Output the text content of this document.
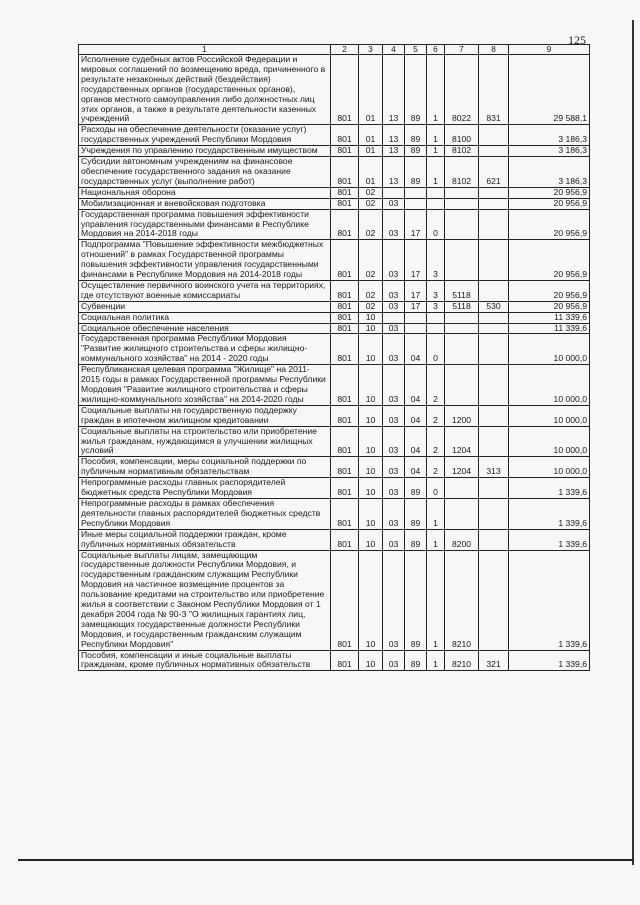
125
1	2	3	4	5	6	7	8	9
Исполнение судебных актов Российской Федерации и мировых соглашений по возмещению вреда, причиненного в результате незаконных действий (бездействия) государственных органов (государственных органов), органов местного самоуправления либо должностных лиц этих органов, а также в результате деятельности казенных учреждений	801	01	13	89	1	8022	831	29 588,1
Расходы на обеспечение деятельности (оказание услуг) государственных учреждений Республики Мордовия	801	01	13	89	1	8100		3 186,3
Учреждения по управлению государственным имуществом	801	01	13	89	1	8102		3 186,3
Субсидии автономным учреждениям на финансовое обеспечение государственного задания на оказание государственных услуг (выполнение работ)	801	01	13	89	1	8102	621	3 186,3
Национальная оборона	801	02						20 956,9
Мобилизационная и вневойсковая подготовка	801	02	03					20 956,9
Государственная программа повышения эффективности управления государственными финансами в Республике Мордовия на 2014-2018 годы	801	02	03	17	0			20 956,9
Подпрограмма "Повышение эффективности межбюджетных отношений" в рамках Государственной программы повышения эффективности управления государственными финансами в Республике Мордовия на 2014-2018 годы	801	02	03	17	3			20 956,9
Осуществление первичного воинского учета на территориях, где отсутствуют военные комиссариаты	801	02	03	17	3	5118		20 956,9
Субвенции	801	02	03	17	3	5118	530	20 956,9
Социальная политика	801	10						11 339,6
Социальное обеспечение населения	801	10	03					11 339,6
Государственная программа Республики Мордовия "Развитие жилищного строительства и сферы жилищно-коммунального хозяйства" на 2014 - 2020 годы	801	10	03	04	0			10 000,0
Республиканская целевая программа "Жилище" на 2011-2015 годы в рамках Государственной программы Республики Мордовия "Развитие жилищного строительства и сферы жилищно-коммунального хозяйства" на 2014-2020 годы	801	10	03	04	2			10 000,0
Социальные выплаты на государственную поддержку граждан в ипотечном жилищном кредитовании	801	10	03	04	2	1200		10 000,0
Социальные выплаты на строительство или приобретение жилья гражданам, нуждающимся в улучшении жилищных условий	801	10	03	04	2	1204		10 000,0
Пособия, компенсации, меры социальной поддержки по публичным нормативным обязательствам	801	10	03	04	2	1204	313	10 000,0
Непрограммные расходы главных распорядителей бюджетных средств Республики Мордовия	801	10	03	89	0			1 339,6
Непрограммные расходы в рамках обеспечения деятельности главных распорядителей бюджетных средств Республики Мордовия	801	10	03	89	1			1 339,6
Иные меры социальной поддержки граждан, кроме публичных нормативных обязательств	801	10	03	89	1	8200		1 339,6
Социальные выплаты лицам, замещающим государственные должности Республики Мордовия, и государственным гражданским служащим Республики Мордовия на частичное возмещение процентов за пользование кредитами на строительство или приобретение жилья в соответствии с Законом Республики Мордовия от 1 декабря 2004 года № 90-З "О жилищных гарантиях лиц, замещающих государственные должности Республики Мордовия, и государственным гражданским служащим Республики Мордовия"	801	10	03	89	1	8210		1 339,6
Пособия, компенсации и иные социальные выплаты гражданам, кроме публичных нормативных обязательств	801	10	03	89	1	8210	321	1 339,6
